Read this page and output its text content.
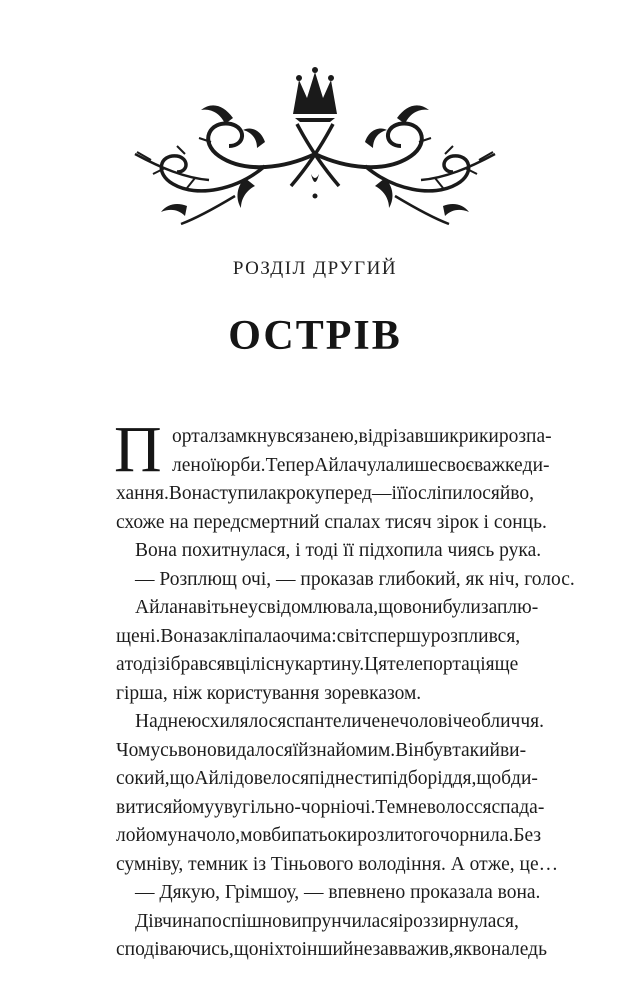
РОЗДІЛ ДРУГИЙ
ОСТРІВ
П ортал замкнувся за нею, відрізавши крики розпа-
леної юрби. Тепер Айла чула лише своє важке ди-
хання. Вона ступила крок уперед — і її осліпило сяйво,
схоже на передсмертний спалах тисяч зірок і сонць.
Вона похитнулася, і тоді її підхопила чиясь рука.
— Розплющ очі, — проказав глибокий, як ніч, голос.
Айла навіть не усвідомлювала, що вони були заплю-
щені. Вона закліпала очима: світ спершу розплився,
а тоді зібрався в цілісну картину. Ця телепортація ще
гірша, ніж користування зоревказом.
Над нею схилялося спантеличене чоловіче обличчя.
Чомусь воно видалося їй знайомим. Він був такий ви-
сокий, що Айлі довелося піднести підборіддя, щоб ди-
витися йому у вугільно-чорні очі. Темне волосся спада-
ло йому на чоло, мовби патьоки розлитого чорнила. Без
сумніву, темник із Тіньового володіння. А отже, це…
— Дякую, Грімшоу, — впевнено проказала вона.
Дівчина поспішно випрунчилася і роззирнулася,
сподіваючись, що ніхто інший не завважив, як вона ледь
